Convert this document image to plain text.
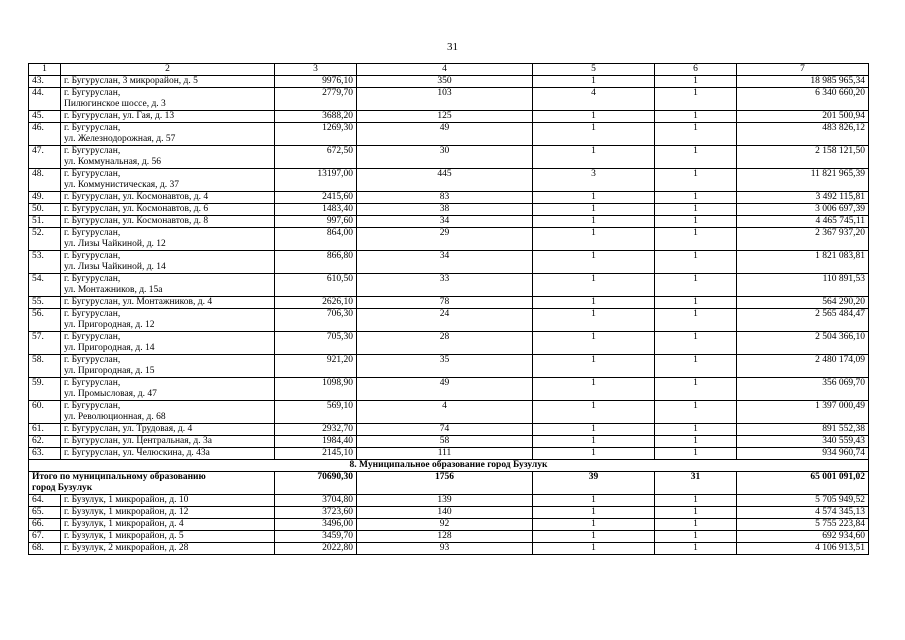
31
1	2	3	4	5	6	7
43.	г. Бугуруслан, 3 микрорайон, д. 5	9976,10	350	1	1	18 985 965,34
44.	г. Бугуруслан,
Пилюгинское шоссе, д. 3	2779,70	103	4	1	6 340 660,20
45.	г. Бугуруслан, ул. Гая, д. 13	3688,20	125	1	1	201 500,94
46.	г. Бугуруслан,
ул. Железнодорожная, д. 57	1269,30	49	1	1	483 826,12
47.	г. Бугуруслан,
ул. Коммунальная, д. 56	672,50	30	1	1	2 158 121,50
48.	г. Бугуруслан,
ул. Коммунистическая, д. 37	13197,00	445	3	1	11 821 965,39
49.	г. Бугуруслан, ул. Космонавтов, д. 4	2415,60	83	1	1	3 492 115,81
50.	г. Бугуруслан, ул. Космонавтов, д. 6	1483,40	38	1	1	3 006 697,39
51.	г. Бугуруслан, ул. Космонавтов, д. 8	997,60	34	1	1	4 465 745,11
52.	г. Бугуруслан,
ул. Лизы Чайкиной, д. 12	864,00	29	1	1	2 367 937,20
53.	г. Бугуруслан,
ул. Лизы Чайкиной, д. 14	866,80	34	1	1	1 821 083,81
54.	г. Бугуруслан,
ул. Монтажников, д. 15а	610,50	33	1	1	110 891,53
55.	г. Бугуруслан, ул. Монтажников, д. 4	2626,10	78	1	1	564 290,20
56.	г. Бугуруслан,
ул. Пригородная, д. 12	706,30	24	1	1	2 565 484,47
57.	г. Бугуруслан,
ул. Пригородная, д. 14	705,30	28	1	1	2 504 366,10
58.	г. Бугуруслан,
ул. Пригородная, д. 15	921,20	35	1	1	2 480 174,09
59.	г. Бугуруслан,
ул. Промысловая, д. 47	1098,90	49	1	1	356 069,70
60.	г. Бугуруслан,
ул. Революционная, д. 68	569,10	4	1	1	1 397 000,49
61.	г. Бугуруслан, ул. Трудовая, д. 4	2932,70	74	1	1	891 552,38
62.	г. Бугуруслан, ул. Центральная, д. 3а	1984,40	58	1	1	340 559,43
63.	г. Бугуруслан, ул. Челюскина, д. 43а	2145,10	111	1	1	934 960,74
8. Муниципальное образование город Бузулук						

Итого по муниципальному образованию
город Бузулук		70690,30	1756	39	31	65 001 091,02
64.	г. Бузулук, 1 микрорайон, д. 10	3704,80	139	1	1	5 705 949,52
65.	г. Бузулук, 1 микрорайон, д. 12	3723,60	140	1	1	4 574 345,13
66.	г. Бузулук, 1 микрорайон, д. 4	3496,00	92	1	1	5 755 223,84
67.	г. Бузулук, 1 микрорайон, д. 5	3459,70	128	1	1	692 934,60
68.	г. Бузулук, 2 микрорайон, д. 28	2022,80	93	1	1	4 106 913,51
